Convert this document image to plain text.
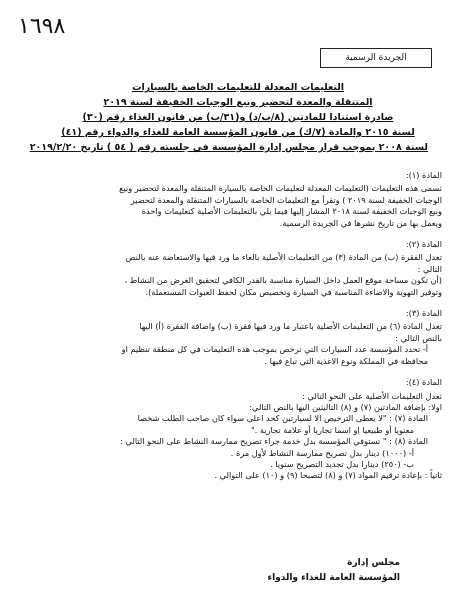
١٦٩٨
الجريدة الرسمية
التعليمات المعدلة للتعليمات الخاصة بالسيارات
المتنقلة والمعدة لتحضير وبيع الوجبات الخفيفة لسنة ٢٠١٩
صادرة استنادا للمادتين (٨/ب/د) و(٣١/ب) من قانون الغذاء رقم (٣٠)
لسنة ٢٠١٥ والمادة (٧/ك) من قانون المؤسسة العامة للغذاء والدواء رقم (٤١)
لسنة ٢٠٠٨ بموجب قرار مجلس إدارة المؤسسة في جلسته رقم ( ٥٤ ) تاريخ ٢٠١٩/٢/٢٠
المادة (١):
تسمى هذه التعليمات (التعليمات المعدلة لتعليمات الخاصة بالسيارة المتنقلة والمعدة لتحضير وبيع
الوجبات الخفيفة لسنة ٢٠١٩ ) وتقرأ مع التعليمات الخاصة بالسيارات المتنقلة والمعدة لتحضير
وبيع الوجبات الخفيفة لسنة ٢٠١٨ المشار إليها فيما يلي بالتعليمات الأصلية كتعليمات واحدة
ويعمل بها من تاريخ نشرها في الجريدة الرسمية.
المادة (٢):
تعدل الفقرة (ب) من المادة (٣) من التعليمات الأصلية بالغاء ما ورد فيها والاستعاضة عنه بالنص
التالي :
(أن تكون مساحة موقع العمل داخل السيارة مناسبة بالقدر الكافي لتحقيق الغرض من النشاط ،
وتوفير التهوية والاضاءة المناسبة في السيارة وتخصيص مكان لحفظ العبوات المستعملة).
المادة (٣):
تعدل المادة (٦) من التعليمات الأصلية باعتبار ما ورد فيها فقرة (ب) واضافة الفقرة (أ) اليها
بالنص التالي :
أ- تحدد المؤسسة عدد السيارات التي ترخص بموجب هذه التعليمات في كل منطقة تنظيم او
محافظة في المملكة ونوع الاغذية التي تباع فيها .
المادة (٤):
تعدل التعليمات الأصلية على النحو التالي :
اولا: بإضافة المادتين (٧) و (٨) التاليتين اليها بالنص التالي:
المادة (٧) : "لا يعطى الترخيص الا لسيارتين كحد اعلى سواء كان صاحب الطلب شخصا
معنويا أو طبيعيا او اسما تجاريا أو علامة تجارية ."
المادة (٨) : " تستوفي المؤسسة بدل خدمة جراء تصريح ممارسة النشاط على النحو التالي :
أ- (١٠٠٠) دينار بدل تصريح ممارسة النشاط لأول مرة .
ب- (٢٥٠) دينارا بدل تجديد التصريح سنويا .
ثانياً : بإعادة ترقيم المواد (٧) و (٨) لتصبحا (٩) و (١٠) على التوالي .
مجلس إدارة
المؤسسة العامة للغذاء والدواء
